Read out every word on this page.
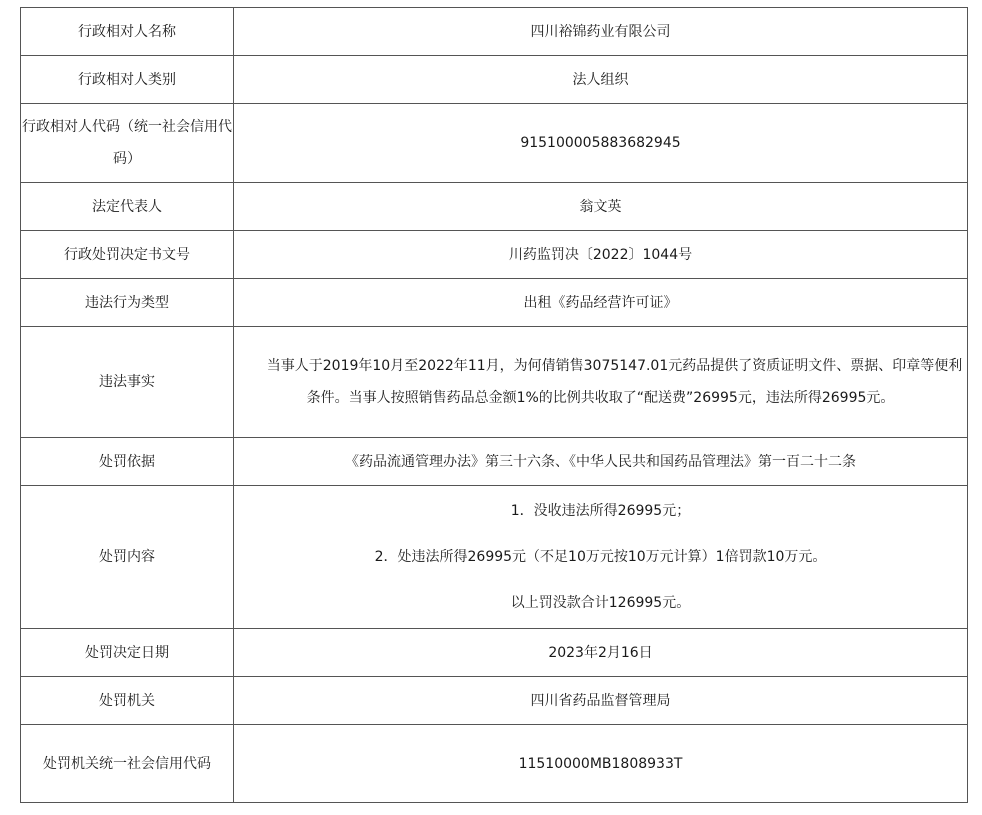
行政相对人名称	四川裕锦药业有限公司
行政相对人类别	法人组织
行政相对人代码（统一社会信用代码）	915100005883682945
法定代表人	翁文英
行政处罚决定书文号	川药监罚决〔2022〕1044号
违法行为类型	出租《药品经营许可证》
违法事实	当事人于2019年10月至2022年11月，为何倩销售3075147.01元药品提供了资质证明文件、票据、印章等便利条件。当事人按照销售药品总金额1%的比例共收取了“配送费”26995元，违法所得26995元。
处罚依据	《药品流通管理办法》第三十六条、《中华人民共和国药品管理法》第一百二十二条
处罚内容	1．没收违法所得26995元；
2．处违法所得26995元（不足10万元按10万元计算）1倍罚款10万元。
以上罚没款合计126995元。

处罚决定日期	2023年2月16日
处罚机关	四川省药品监督管理局
处罚机关统一社会信用代码	11510000MB1808933T
